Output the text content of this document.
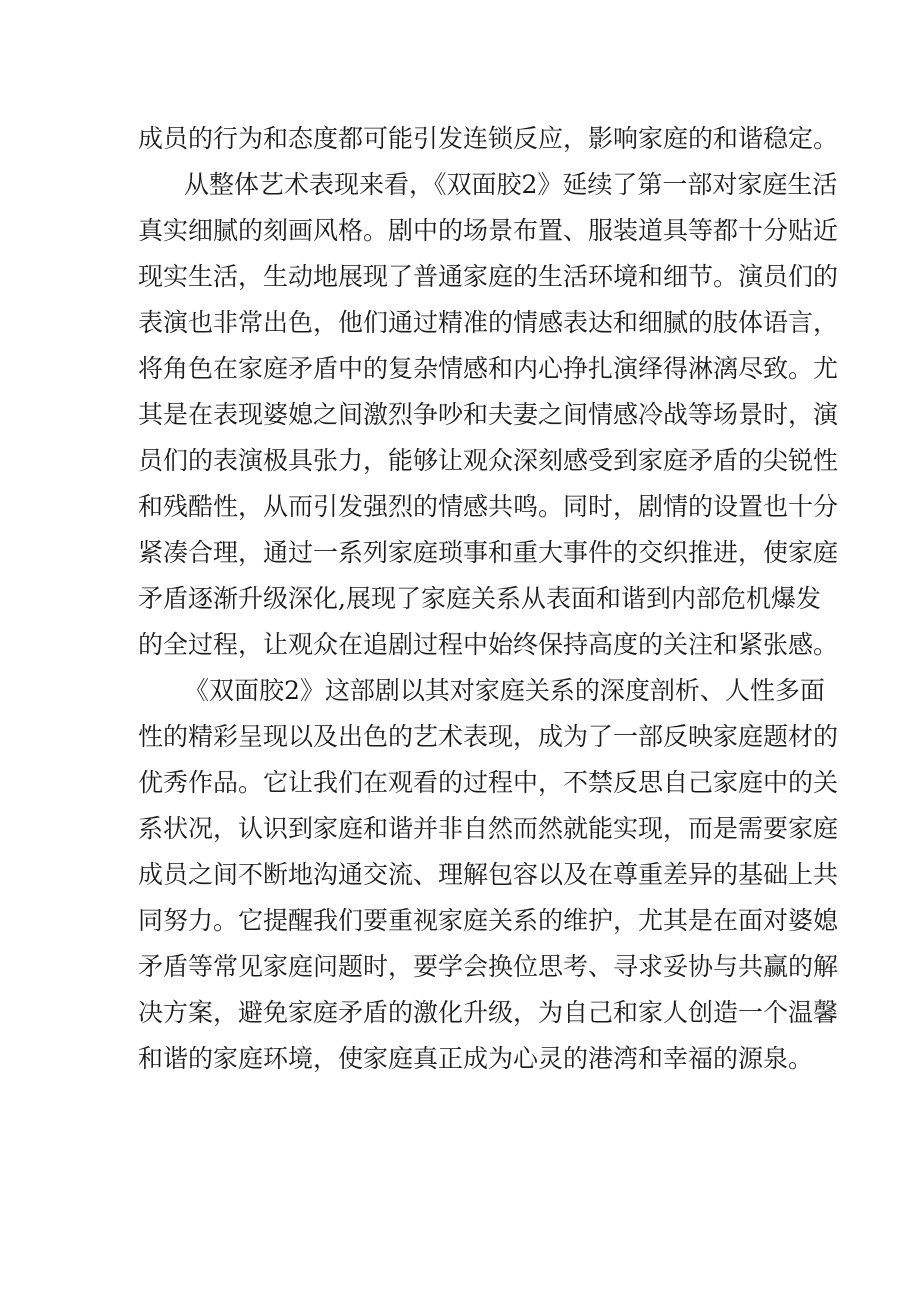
成员的行为和态度都可能引发连锁反应，影响家庭的和谐稳定。
从整体艺术表现来看，《双面胶2》延续了第一部对家庭生活
真实细腻的刻画风格。剧中的场景布置、服装道具等都十分贴近
现实生活，生动地展现了普通家庭的生活环境和细节。演员们的
表演也非常出色，他们通过精准的情感表达和细腻的肢体语言，
将角色在家庭矛盾中的复杂情感和内心挣扎演绎得淋漓尽致。尤
其是在表现婆媳之间激烈争吵和夫妻之间情感冷战等场景时，演
员们的表演极具张力，能够让观众深刻感受到家庭矛盾的尖锐性
和残酷性，从而引发强烈的情感共鸣。同时，剧情的设置也十分
紧凑合理，通过一系列家庭琐事和重大事件的交织推进，使家庭
矛盾逐渐升级深化,展现了家庭关系从表面和谐到内部危机爆发
的全过程，让观众在追剧过程中始终保持高度的关注和紧张感。
《双面胶2》这部剧以其对家庭关系的深度剖析、人性多面
性的精彩呈现以及出色的艺术表现，成为了一部反映家庭题材的
优秀作品。它让我们在观看的过程中，不禁反思自己家庭中的关
系状况，认识到家庭和谐并非自然而然就能实现，而是需要家庭
成员之间不断地沟通交流、理解包容以及在尊重差异的基础上共
同努力。它提醒我们要重视家庭关系的维护，尤其是在面对婆媳
矛盾等常见家庭问题时，要学会换位思考、寻求妥协与共赢的解
决方案，避免家庭矛盾的激化升级，为自己和家人创造一个温馨
和谐的家庭环境，使家庭真正成为心灵的港湾和幸福的源泉。
